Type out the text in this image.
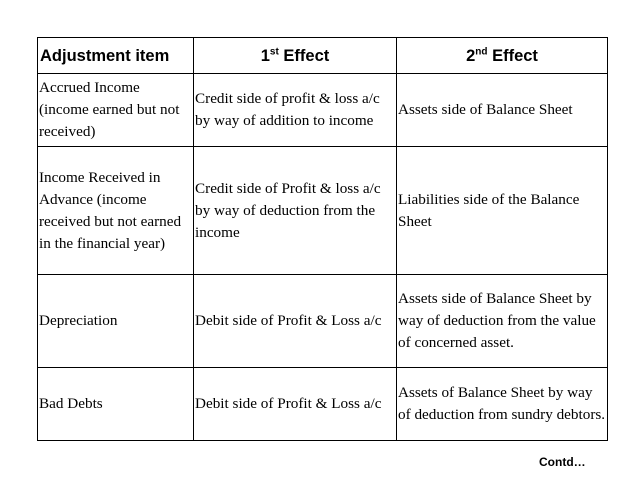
Adjustment item	1st Effect	2nd Effect
Accrued Income (income earned but not received)	Credit side of profit & loss a/c by way of addition to income	Assets side of Balance Sheet
Income Received in Advance (income received but not earned in the financial year)	Credit side of Profit & loss a/c by way of deduction from the income	Liabilities side of the Balance Sheet
Depreciation	Debit side of Profit & Loss a/c	Assets side of Balance Sheet by way of deduction from the value of concerned asset.
Bad Debts	Debit side of Profit & Loss a/c	Assets of Balance Sheet by way of deduction from sundry debtors.
Contd…
